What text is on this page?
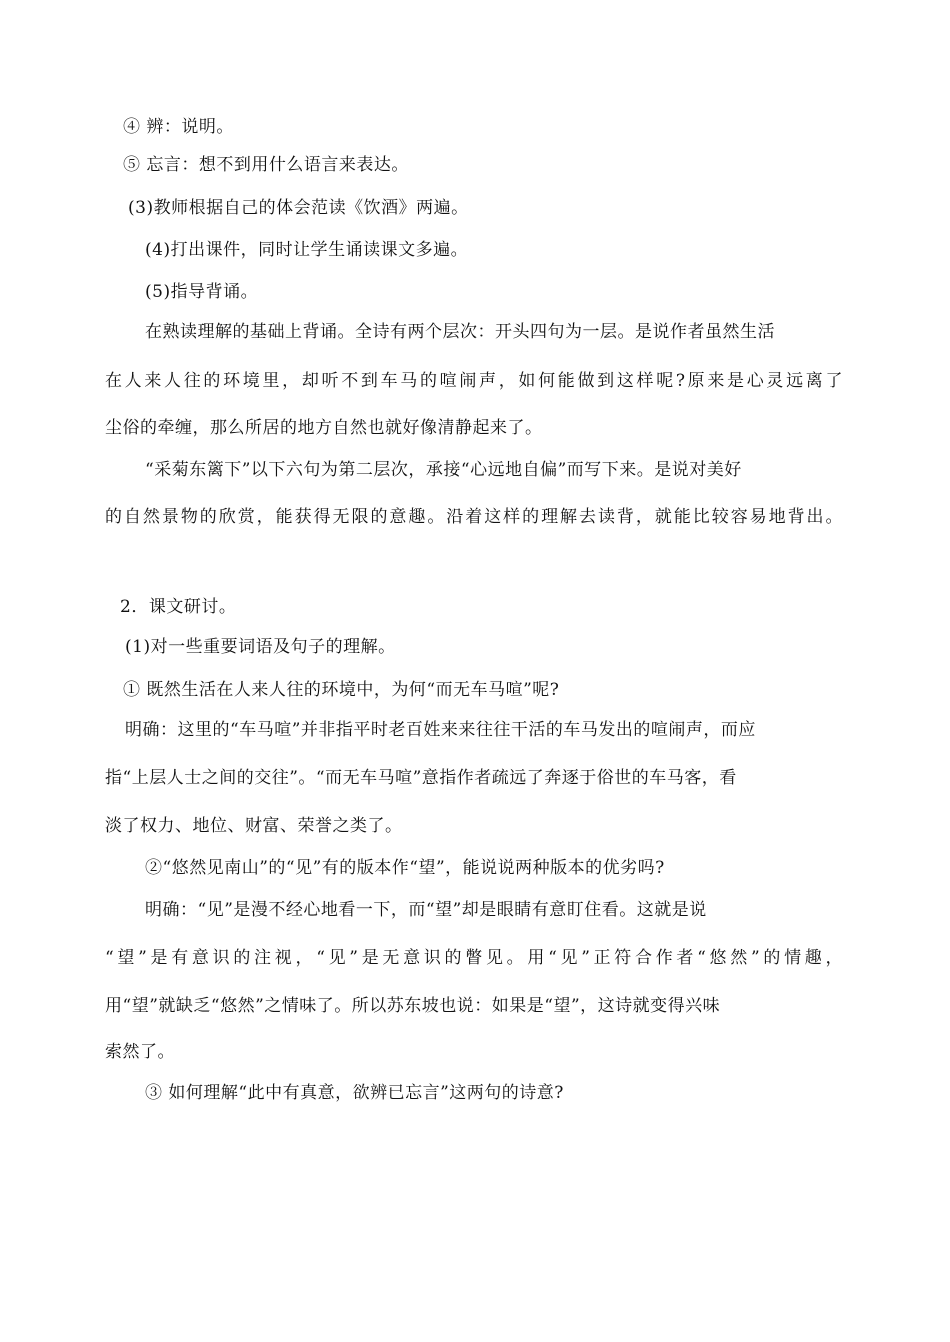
④ 辨：说明。
⑤ 忘言：想不到用什么语言来表达。
(3)教师根据自己的体会范读《饮酒》两遍。
(4)打出课件，同时让学生诵读课文多遍。
(5)指导背诵。
在熟读理解的基础上背诵。全诗有两个层次：开头四句为一层。是说作者虽然生活
在人来人往的环境里，却听不到车马的喧闹声，如何能做到这样呢?原来是心灵远离了
尘俗的牵缠，那么所居的地方自然也就好像清静起来了。
“采菊东篱下”以下六句为第二层次，承接“心远地自偏”而写下来。是说对美好
的自然景物的欣赏，能获得无限的意趣。沿着这样的理解去读背，就能比较容易地背出。
2．课文研讨。
(1)对一些重要词语及句子的理解。
① 既然生活在人来人往的环境中，为何“而无车马喧”呢?
明确：这里的“车马喧”并非指平时老百姓来来往往干活的车马发出的喧闹声，而应
指“上层人士之间的交往”。“而无车马喧”意指作者疏远了奔逐于俗世的车马客，看
淡了权力、地位、财富、荣誉之类了。
②“悠然见南山”的“见”有的版本作“望”，能说说两种版本的优劣吗?
明确：“见”是漫不经心地看一下，而“望”却是眼睛有意盯住看。这就是说
“望”是有意识的注视，“见”是无意识的瞥见。用“见”正符合作者“悠然”的情趣，
用“望”就缺乏“悠然”之情味了。所以苏东坡也说：如果是“望”，这诗就变得兴味
索然了。
③ 如何理解“此中有真意，欲辨已忘言”这两句的诗意?
